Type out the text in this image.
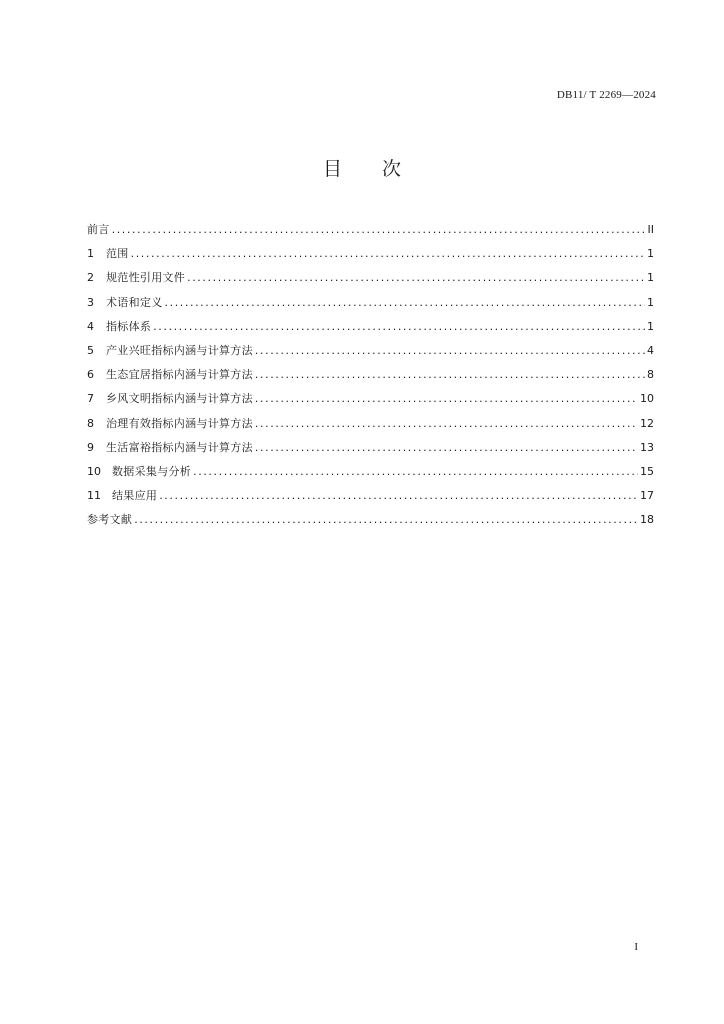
DB11/ T 2269—2024
目次
前言 .....	II
1	范围 .....	1
2	规范性引用文件 .....	1
3	术语和定义 .....	1
4	指标体系 .....	1
5	产业兴旺指标内涵与计算方法 .....	4
6	生态宜居指标内涵与计算方法 .....	8
7	乡风文明指标内涵与计算方法 .....	10
8	治理有效指标内涵与计算方法 .....	12
9	生活富裕指标内涵与计算方法 .....	13
10	数据采集与分析 .....	15
11	结果应用 .....	17
参考文献 .....	18
I
